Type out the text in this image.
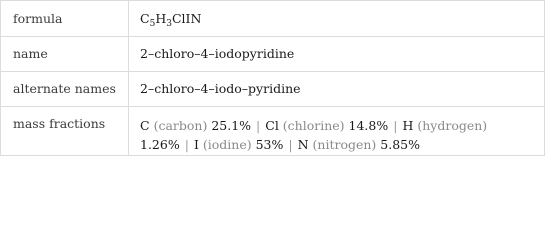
formula	$C_5H_3ClIN$

name	2–chloro–4–iodopyridine

alternate names	2–chloro–4–iodo–pyridine

mass fractions	C (carbon) 25.1% | Cl (chlorine) 14.8% | H (hydrogen) 1.26% | I (iodine) 53% | N (nitrogen) 5.85%
